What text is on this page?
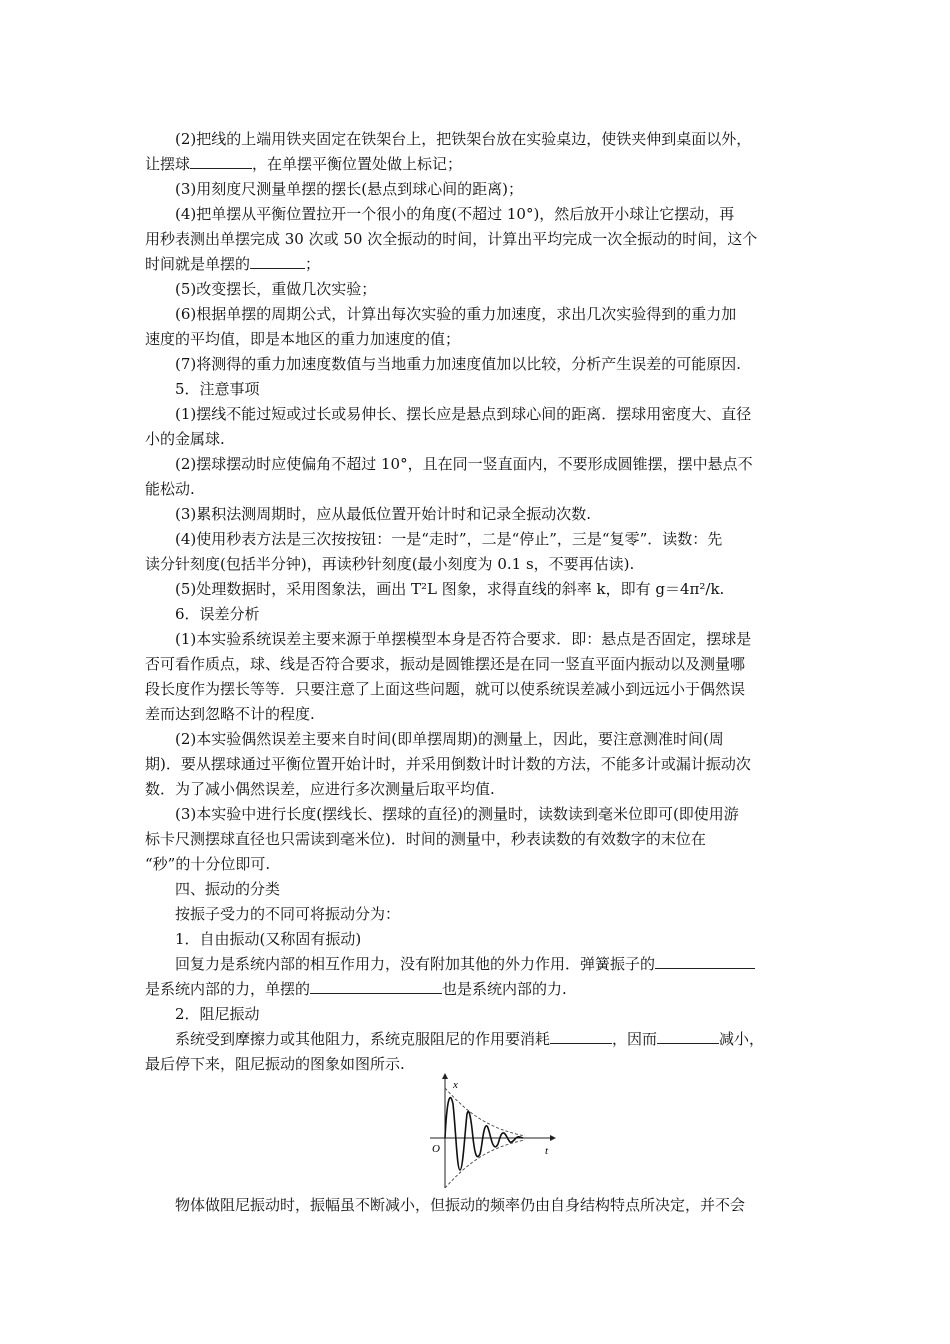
(2)把线的上端用铁夹固定在铁架台上，把铁架台放在实验桌边，使铁夹伸到桌面以外，
让摆球	，在单摆平衡位置处做上标记；
(3)用刻度尺测量单摆的摆长(悬点到球心间的距离)；
(4)把单摆从平衡位置拉开一个很小的角度(不超过 10°)，然后放开小球让它摆动，再
用秒表测出单摆完成 30 次或 50 次全振动的时间，计算出平均完成一次全振动的时间，这个
时间就是单摆的	；
(5)改变摆长，重做几次实验；
(6)根据单摆的周期公式，计算出每次实验的重力加速度，求出几次实验得到的重力加
速度的平均值，即是本地区的重力加速度的值；
(7)将测得的重力加速度数值与当地重力加速度值加以比较，分析产生误差的可能原因.
5．注意事项
(1)摆线不能过短或过长或易伸长、摆长应是悬点到球心间的距离．摆球用密度大、直径
小的金属球.
(2)摆球摆动时应使偏角不超过 10°，且在同一竖直面内，不要形成圆锥摆，摆中悬点不
能松动.
(3)累积法测周期时，应从最低位置开始计时和记录全振动次数.
(4)使用秒表方法是三次按按钮：一是“走时”，二是“停止”，三是“复零”．读数：先
读分针刻度(包括半分钟)，再读秒针刻度(最小刻度为 0.1 s，不要再估读).
(5)处理数据时，采用图象法，画出 T²L 图象，求得直线的斜率 k，即有 g＝4π²/k.
6．误差分析
(1)本实验系统误差主要来源于单摆模型本身是否符合要求．即：悬点是否固定，摆球是
否可看作质点，球、线是否符合要求，振动是圆锥摆还是在同一竖直平面内振动以及测量哪
段长度作为摆长等等．只要注意了上面这些问题，就可以使系统误差减小到远远小于偶然误
差而达到忽略不计的程度.
(2)本实验偶然误差主要来自时间(即单摆周期)的测量上，因此，要注意测准时间(周
期)．要从摆球通过平衡位置开始计时，并采用倒数计时计数的方法，不能多计或漏计振动次
数．为了减小偶然误差，应进行多次测量后取平均值.
(3)本实验中进行长度(摆线长、摆球的直径)的测量时，读数读到毫米位即可(即使用游
标卡尺测摆球直径也只需读到毫米位)．时间的测量中，秒表读数的有效数字的末位在
“秒”的十分位即可.
四、振动的分类
按振子受力的不同可将振动分为：
1．自由振动(又称固有振动)
回复力是系统内部的相互作用力，没有附加其他的外力作用．弹簧振子的
是系统内部的力，单摆的	也是系统内部的力.
2．阻尼振动
系统受到摩擦力或其他阻力，系统克服阻尼的作用要消耗	，因而	减小，
最后停下来，阻尼振动的图象如图所示.
x
t
O
物体做阻尼振动时，振幅虽不断减小，但振动的频率仍由自身结构特点所决定，并不会
